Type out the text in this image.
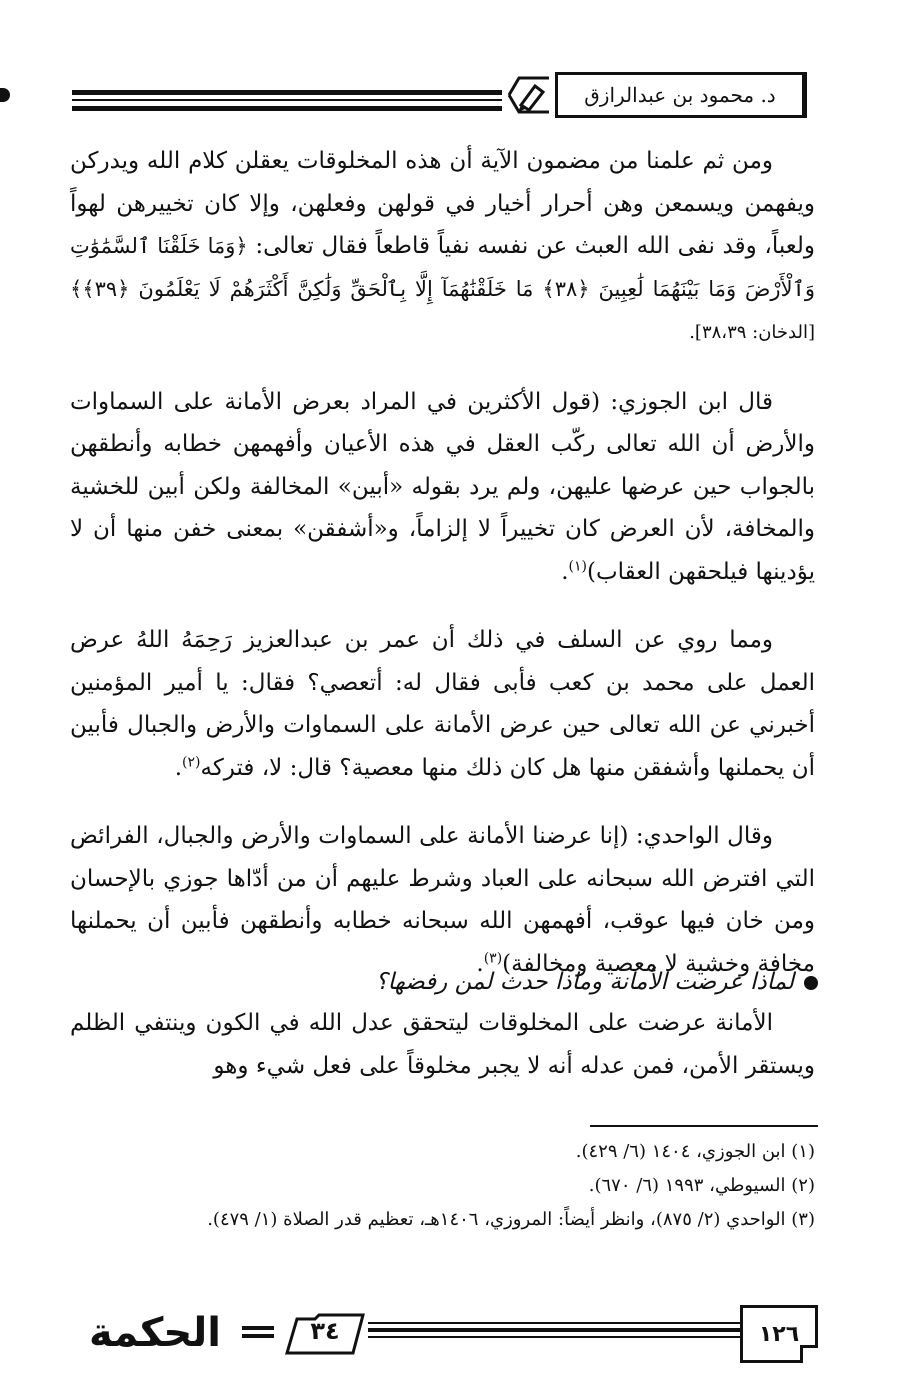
د. محمود بن عبدالرازق

ومن ثم علمنا من مضمون الآية أن هذه المخلوقات يعقلن كلام الله ويدركن ويفهمن ويسمعن وهن أحرار أخيار في قولهن وفعلهن، وإلا كان تخييرهن لهواً ولعباً، وقد نفى الله العبث عن نفسه نفياً قاطعاً فقال تعالى: ﴿وَمَا خَلَقْنَا ٱلسَّمَٰوَٰتِ وَٱلْأَرْضَ وَمَا بَيْنَهُمَا لَٰعِبِينَ ﴿٣٨﴾ مَا خَلَقْنَٰهُمَآ إِلَّا بِٱلْحَقِّ وَلَٰكِنَّ أَكْثَرَهُمْ لَا يَعْلَمُونَ ﴿٣٩﴾﴾ [الدخان: ٣٨،٣٩].

قال ابن الجوزي: (قول الأكثرين في المراد بعرض الأمانة على السماوات والأرض أن الله تعالى ركّب العقل في هذه الأعيان وأفهمهن خطابه وأنطقهن بالجواب حين عرضها عليهن، ولم يرد بقوله «أبين» المخالفة ولكن أبين للخشية والمخافة، لأن العرض كان تخييراً لا إلزاماً، و«أشفقن» بمعنى خفن منها أن لا يؤدينها فيلحقهن العقاب)$^{(١)}$.

ومما روي عن السلف في ذلك أن عمر بن عبدالعزيز رَحِمَهُ اللهُ عرض العمل على محمد بن كعب فأبى فقال له: أتعصي؟ فقال: يا أمير المؤمنين أخبرني عن الله تعالى حين عرض الأمانة على السماوات والأرض والجبال فأبين أن يحملنها وأشفقن منها هل كان ذلك منها معصية؟ قال: لا، فتركه$^{(٢)}$.

وقال الواحدي: (إنا عرضنا الأمانة على السماوات والأرض والجبال، الفرائض التي افترض الله سبحانه على العباد وشرط عليهم أن من أدّاها جوزي بالإحسان ومن خان فيها عوقب، أفهمهن الله سبحانه خطابه وأنطقهن فأبين أن يحملنها مخافة وخشية لا معصية ومخالفة)$^{(٣)}$.

لماذا عرضت الأمانة وماذا حدث لمن رفضها؟

الأمانة عرضت على المخلوقات ليتحقق عدل الله في الكون وينتفي الظلم ويستقر الأمن، فمن عدله أنه لا يجبر مخلوقاً على فعل شيء وهو

(١) ابن الجوزي، ١٤٠٤ (٦/ ٤٢٩).
(٢) السيوطي، ١٩٩٣ (٦/ ٦٧٠).
(٣) الواحدي (٢/ ٨٧٥)، وانظر أيضاً: المروزي، ١٤٠٦هـ، تعظيم قدر الصلاة (١/ ٤٧٩).
١٢٦
٣٤
الحكمة
